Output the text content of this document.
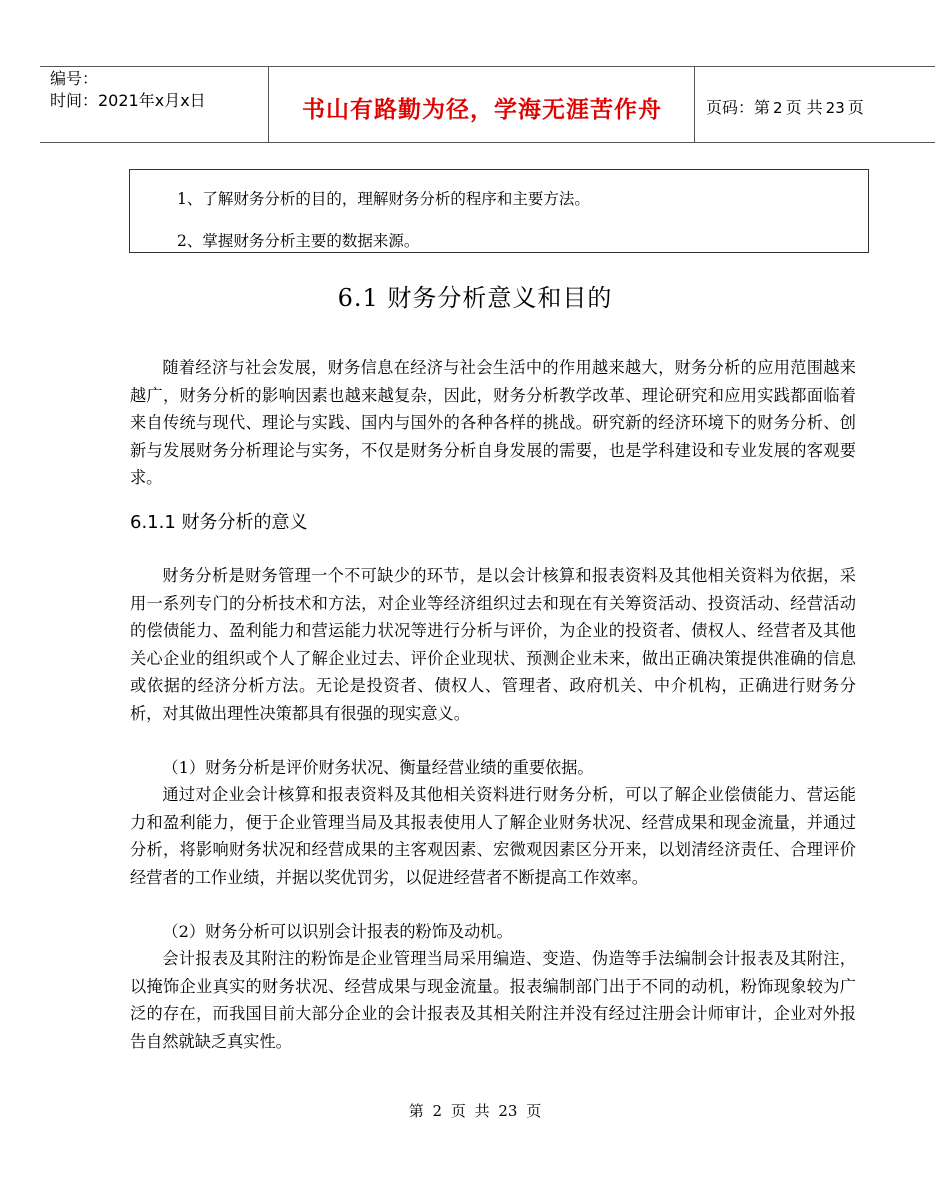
编号：
时间：2021年x月x日	书山有路勤为径，学海无涯苦作舟	页码：第 2 页 共 23 页
1、了解财务分析的目的，理解财务分析的程序和主要方法。
2、掌握财务分析主要的数据来源。
6.1 财务分析意义和目的

随着经济与社会发展，财务信息在经济与社会生活中的作用越来越大，财务分析的应用范围越来越广，财务分析的影响因素也越来越复杂，因此，财务分析教学改革、理论研究和应用实践都面临着来自传统与现代、理论与实践、国内与国外的各种各样的挑战。研究新的经济环境下的财务分析、创新与发展财务分析理论与实务，不仅是财务分析自身发展的需要，也是学科建设和专业发展的客观要求。

6.1.1 财务分析的意义

财务分析是财务管理一个不可缺少的环节，是以会计核算和报表资料及其他相关资料为依据，采用一系列专门的分析技术和方法，对企业等经济组织过去和现在有关筹资活动、投资活动、经营活动的偿债能力、盈利能力和营运能力状况等进行分析与评价，为企业的投资者、债权人、经营者及其他关心企业的组织或个人了解企业过去、评价企业现状、预测企业未来，做出正确决策提供准确的信息或依据的经济分析方法。无论是投资者、债权人、管理者、政府机关、中介机构，正确进行财务分析，对其做出理性决策都具有很强的现实意义。

（1）财务分析是评价财务状况、衡量经营业绩的重要依据。

通过对企业会计核算和报表资料及其他相关资料进行财务分析，可以了解企业偿债能力、营运能力和盈利能力，便于企业管理当局及其报表使用人了解企业财务状况、经营成果和现金流量，并通过分析，将影响财务状况和经营成果的主客观因素、宏微观因素区分开来，以划清经济责任、合理评价经营者的工作业绩，并据以奖优罚劣，以促进经营者不断提高工作效率。

（2）财务分析可以识别会计报表的粉饰及动机。

会计报表及其附注的粉饰是企业管理当局采用编造、变造、伪造等手法编制会计报表及其附注，以掩饰企业真实的财务状况、经营成果与现金流量。报表编制部门出于不同的动机，粉饰现象较为广泛的存在，而我国目前大部分企业的会计报表及其相关附注并没有经过注册会计师审计，企业对外报告自然就缺乏真实性。

第 2 页 共 23 页
